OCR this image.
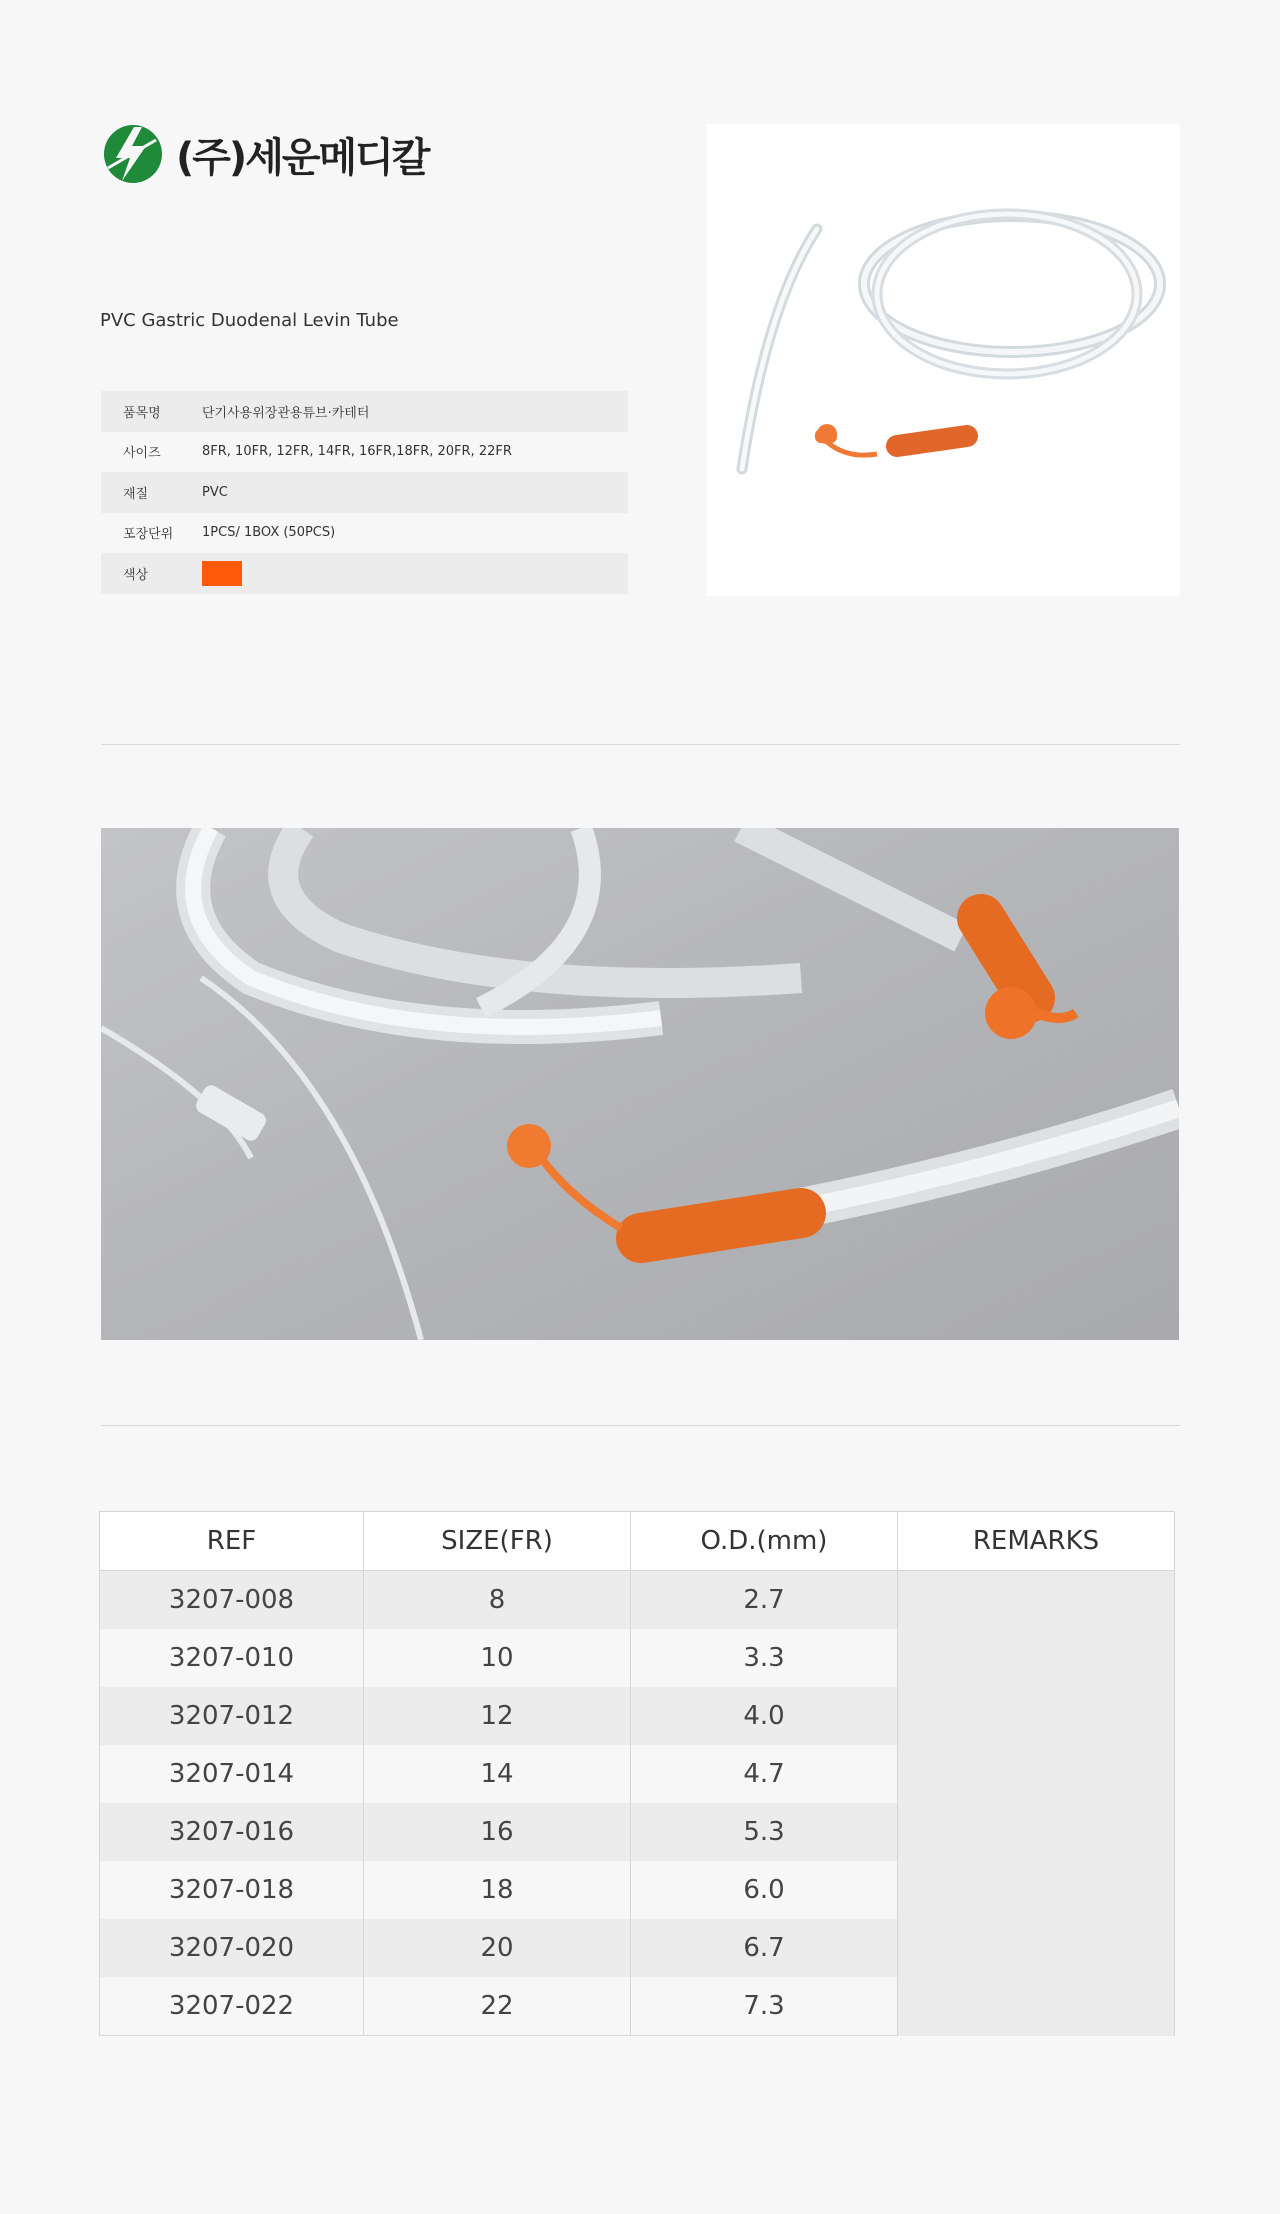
(주)세운메디칼
PVC Gastric Duodenal Levin Tube
품목명	단기사용위장관용튜브·카테터
사이즈	8FR, 10FR, 12FR, 14FR, 16FR,18FR, 20FR, 22FR
재질	PVC
포장단위	1PCS/ 1BOX (50PCS)
색상	
REF	SIZE(FR)	O.D.(mm)	REMARKS
3207-008	8	2.7	
3207-010	10	3.3	
3207-012	12	4.0	
3207-014	14	4.7	
3207-016	16	5.3	
3207-018	18	6.0	
3207-020	20	6.7	
3207-022	22	7.3	
